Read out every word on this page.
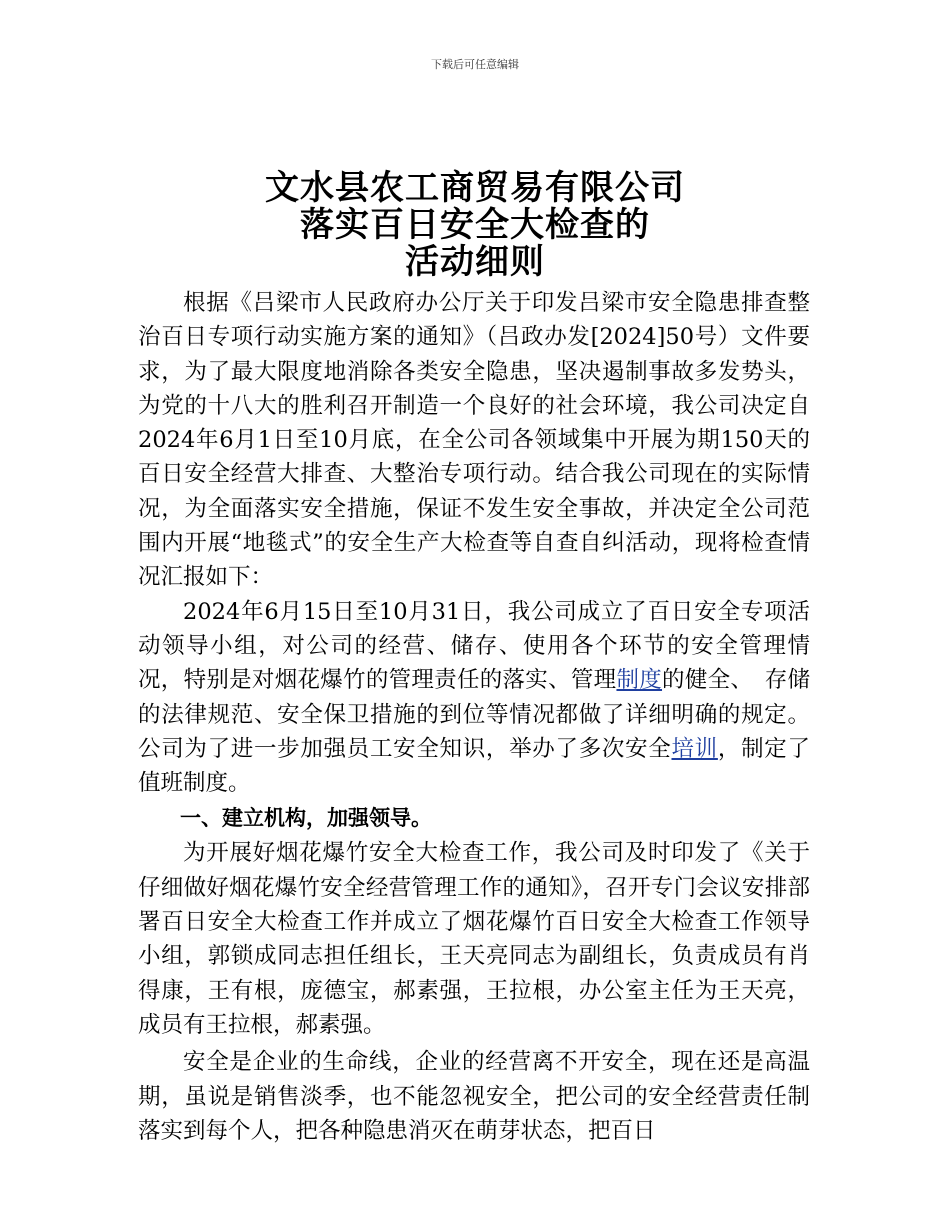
下载后可任意编辑
文水县农工商贸易有限公司
落实百日安全大检查的
活动细则

根据《吕梁市人民政府办公厅关于印发吕梁市安全隐患排查整治百日专项行动实施方案的通知》（吕政办发[2024]50号）文件要求，为了最大限度地消除各类安全隐患，坚决遏制事故多发势头，为党的十八大的胜利召开制造一个良好的社会环境，我公司决定自2024年6月1日至10月底，在全公司各领域集中开展为期150天的百日安全经营大排查、大整治专项行动。结合我公司现在的实际情况，为全面落实安全措施，保证不发生安全事故，并决定全公司范围内开展“地毯式”的安全生产大检查等自查自纠活动，现将检查情况汇报如下：

2024年6月15日至10月31日，我公司成立了百日安全专项活动领导小组，对公司的经营、储存、使用各个环节的安全管理情况，特别是对烟花爆竹的管理责任的落实、管理制度的健全、　存储的法律规范、安全保卫措施的到位等情况都做了详细明确的规定。公司为了进一步加强员工安全知识，举办了多次安全培训，制定了值班制度。

一、建立机构，加强领导。

为开展好烟花爆竹安全大检查工作，我公司及时印发了《关于仔细做好烟花爆竹安全经营管理工作的通知》，召开专门会议安排部署百日安全大检查工作并成立了烟花爆竹百日安全大检查工作领导小组，郭锁成同志担任组长，王天亮同志为副组长，负责成员有肖得康，王有根，庞德宝，郝素强，王拉根，办公室主任为王天亮，成员有王拉根，郝素强。

安全是企业的生命线，企业的经营离不开安全，现在还是高温期，虽说是销售淡季，也不能忽视安全，把公司的安全经营责任制落实到每个人，把各种隐患消灭在萌芽状态，把百日
